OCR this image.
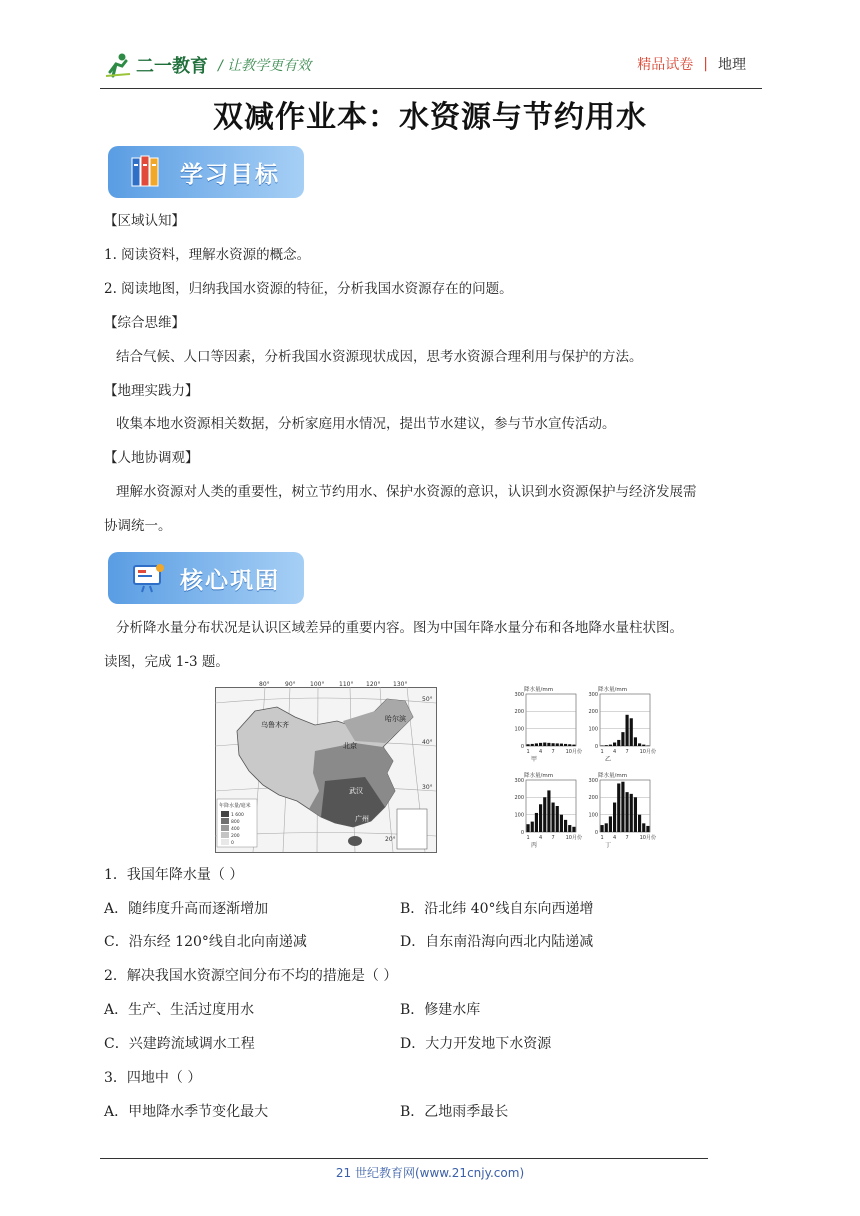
二一教育 / 让教学更有效	精品试卷 | 地理
双减作业本：水资源与节约用水
学习目标
【区域认知】
1. 阅读资料，理解水资源的概念。
2. 阅读地图，归纳我国水资源的特征，分析我国水资源存在的问题。
【综合思维】
结合气候、人口等因素，分析我国水资源现状成因，思考水资源合理利用与保护的方法。
【地理实践力】
收集本地水资源相关数据，分析家庭用水情况，提出节水建议，参与节水宣传活动。
【人地协调观】
理解水资源对人类的重要性，树立节约用水、保护水资源的意识，认识到水资源保护与经济发展需
协调统一。
核心巩固
分析降水量分布状况是认识区域差异的重要内容。图为中国年降水量分布和各地降水量柱状图。
读图，完成 1-3 题。
年降水量/毫米
1 600
800
400
200
0
80°	90° 100° 110° 120° 130°
50°
40°
30°
20°
乌鲁木齐
哈尔滨
北京
武汉
广州
降水量/mm
300
200
100
0
1 4 7 10月份
甲
降水量/mm
300
200
100
0
1 4 7 10月份
乙
降水量/mm
300
200
100
0
1 4 7 10月份
丙
降水量/mm
300
200
100
0
1 4 7 10月份
丁
1．我国年降水量（ ）
A．随纬度升高而逐渐增加	B．沿北纬 40°线自东向西递增
C．沿东经 120°线自北向南递减	D．自东南沿海向西北内陆递减
2．解决我国水资源空间分布不均的措施是（ ）
A．生产、生活过度用水	B．修建水库
C．兴建跨流域调水工程	D．大力开发地下水资源
3．四地中（ ）
A．甲地降水季节变化最大	B．乙地雨季最长
21 世纪教育网(www.21cnjy.com)
